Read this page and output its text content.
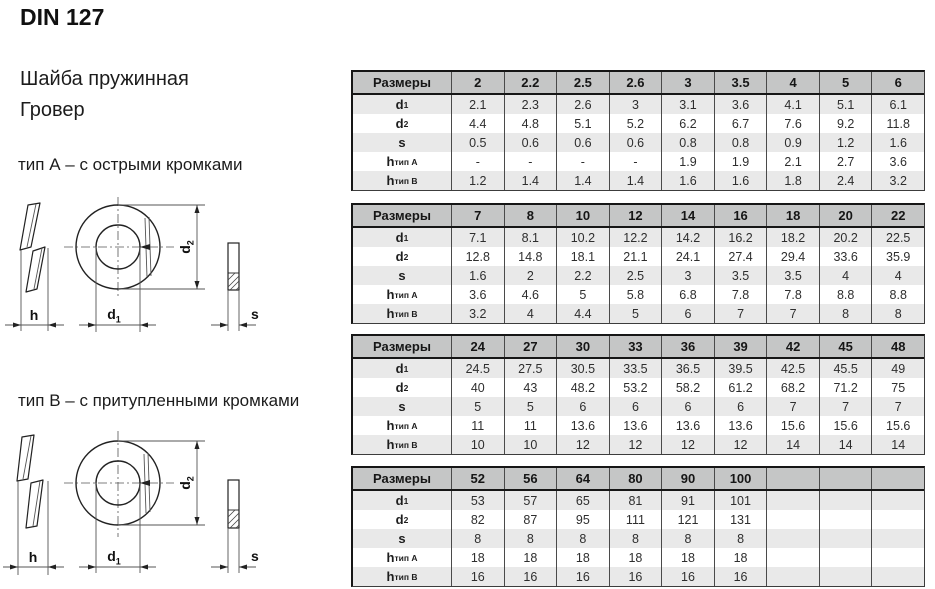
DIN 127
Шайба пружинная
Гровер
тип А – с острыми кромками
тип В – с притупленными кромками
h
$d_2$
$d_1$	s
h
$d_2$
$d_1$	s
Размеры	2	2.2	2.5	2.6	3	3.5	4	5	6
d 1	2.1	2.3	2.6	3	3.1	3.6	4.1	5.1	6.1
d 2	4.4	4.8	5.1	5.2	6.2	6.7	7.6	9.2	11.8
s	0.5	0.6	0.6	0.6	0.8	0.8	0.9	1.2	1.6
h тип A	-	-	-	-	1.9	1.9	2.1	2.7	3.6
h тип B	1.2	1.4	1.4	1.4	1.6	1.6	1.8	2.4	3.2
Размеры	7	8	10	12	14	16	18	20	22
d 1	7.1	8.1	10.2	12.2	14.2	16.2	18.2	20.2	22.5
d 2	12.8	14.8	18.1	21.1	24.1	27.4	29.4	33.6	35.9
s	1.6	2	2.2	2.5	3	3.5	3.5	4	4
h тип A	3.6	4.6	5	5.8	6.8	7.8	7.8	8.8	8.8
h тип B	3.2	4	4.4	5	6	7	7	8	8
Размеры	24	27	30	33	36	39	42	45	48
d 1	24.5	27.5	30.5	33.5	36.5	39.5	42.5	45.5	49
d 2	40	43	48.2	53.2	58.2	61.2	68.2	71.2	75
s	5	5	6	6	6	6	7	7	7
h тип A	11	11	13.6	13.6	13.6	13.6	15.6	15.6	15.6
h тип B	10	10	12	12	12	12	14	14	14
Размеры	52	56	64	80	90	100
d 1	53	57	65	81	91	101
d 2	82	87	95	111	121	131
s	8	8	8	8	8	8
h тип A	18	18	18	18	18	18
h тип B	16	16	16	16	16	16
